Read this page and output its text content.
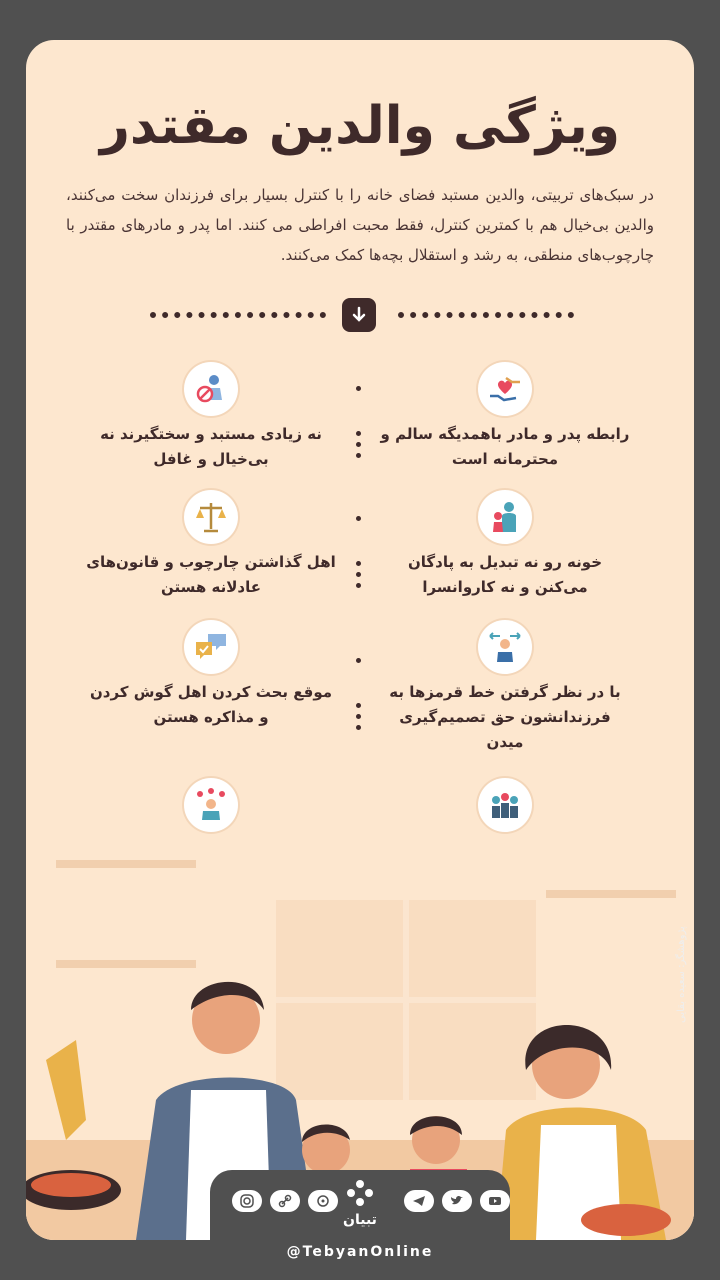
ویژگی والدین مقتدر
در سبک‌های تربیتی، والدین مستبد فضای خانه را با کنترل بسیار برای فرزندان سخت می‌کنند، والدین بی‌خیال هم با کمترین کنترل، فقط محبت افراطی می کنند. اما پدر و مادرهای مقتدر با چارچوب‌های منطقی، به رشد و استقلال بچه‌ها کمک می‌کنند.
رابطه پدر و مادر باهمدیگه سالم و محترمانه است
نه زیادی مستبد و سختگیرند نه بی‌خیال و غافل
خونه رو نه تبدیل به پادگان می‌کنن و نه کاروانسرا
اهل گذاشتن چارچوب و قانون‌های عادلانه هستن
با در نظر گرفتن خط قرمزها به فرزندانشون حق تصمیم‌گیری میدن
موقع بحث کردن اهل گوش کردن و مذاکره هستن
پژوهشگر: سعیده بقایی
تبیان
@TebyanOnline
